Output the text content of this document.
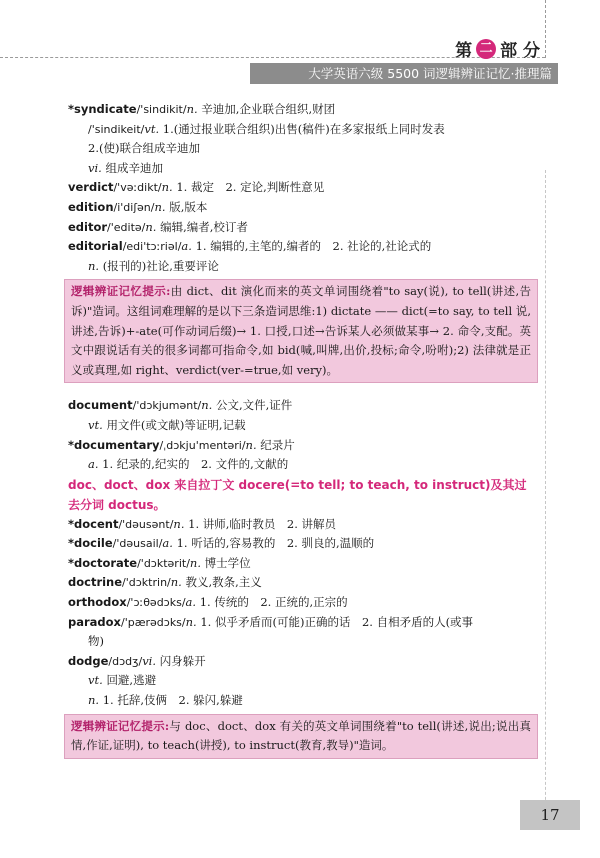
第 二 部 分
大学英语六级 5500 词逻辑辨证记忆·推理篇
*syndicate/'sindikit/n. 辛迪加,企业联合组织,财团
/'sindikeit/vt. 1.(通过报业联合组织)出售(稿件)在多家报纸上同时发表
2.(使)联合组成辛迪加
vi. 组成辛迪加
verdict/'vəːdikt/n. 1. 裁定　2. 定论,判断性意见
edition/i'diʃən/n. 版,版本
editor/'editə/n. 编辑,编者,校订者
editorial/edi'tɔːriəl/a. 1. 编辑的,主笔的,编者的　2. 社论的,社论式的
n. (报刊的)社论,重要评论
逻辑辨证记忆提示:由 dict、dit 演化而来的英文单词围绕着"to say(说), to tell(讲述,告诉)"造词。这组词难理解的是以下三条造词思维:1) dictate —— dict(=to say, to tell 说,讲述,告诉)+-ate(可作动词后缀)→ 1. 口授,口述→告诉某人必须做某事→ 2. 命令,支配。英文中跟说话有关的很多词都可指命令,如 bid(喊,叫牌,出价,投标;命令,吩咐);2) 法律就是正义或真理,如 right、verdict(ver-=true,如 very)。
document/'dɔkjumənt/n. 公文,文件,证件
vt. 用文件(或文献)等证明,记载
*documentary/ˌdɔkju'mentəri/n. 纪录片
a. 1. 纪录的,纪实的　2. 文件的,文献的
doc、doct、dox 来自拉丁文 docere(=to tell; to teach, to instruct)及其过去分词 doctus。
*docent/'dəusənt/n. 1. 讲师,临时教员　2. 讲解员
*docile/'dəusail/a. 1. 听话的,容易教的　2. 驯良的,温顺的
*doctorate/'dɔktərit/n. 博士学位
doctrine/'dɔktrin/n. 教义,教条,主义
orthodox/'ɔːθədɔks/a. 1. 传统的　2. 正统的,正宗的
paradox/'pærədɔks/n. 1. 似乎矛盾而(可能)正确的话　2. 自相矛盾的人(或事
物)
dodge/dɔdʒ/vi. 闪身躲开
vt. 回避,逃避
n. 1. 托辞,伎俩　2. 躲闪,躲避
逻辑辨证记忆提示:与 doc、doct、dox 有关的英文单词围绕着"to tell(讲述,说出;说出真情,作证,证明), to teach(讲授), to instruct(教育,教导)"造词。
17
